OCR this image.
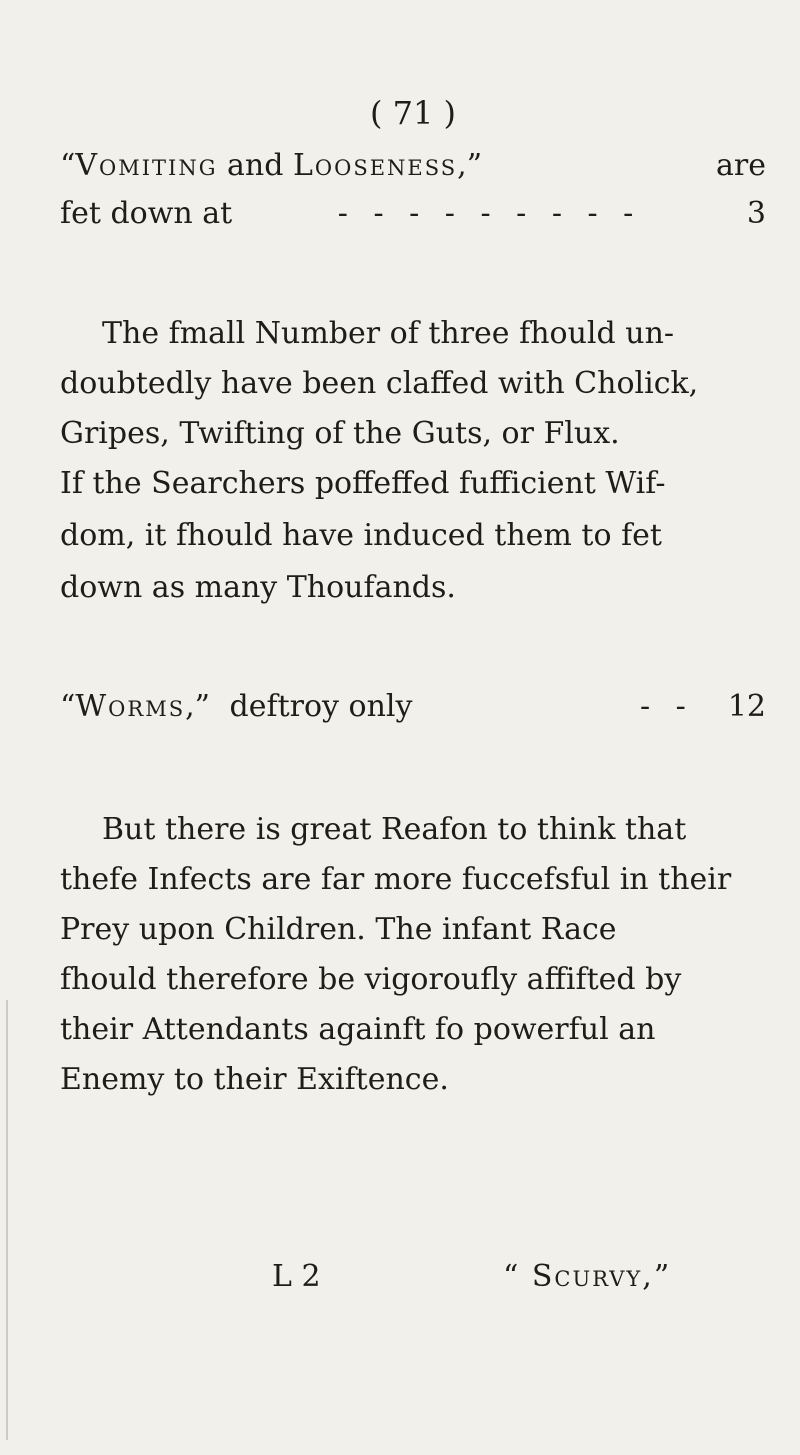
( 71 )
“Vomiting and Looseness,”	are
fet down at	- - - - - - - - -	3
The fmall Number of three fhould un-
doubtedly have been claffed with Cholick,
Gripes, Twifting of the Guts, or Flux.
If the Searchers poffeffed fufficient Wif-
dom, it fhould have induced them to fet
down as many Thoufands.
“Worms,” deftroy only	- - 12
But there is great Reafon to think that
thefe Infects are far more fuccefsful in their
Prey upon Children. The infant Race
fhould therefore be vigoroufly affifted by
their Attendants againft fo powerful an
Enemy to their Exiftence.
L 2	“ Scurvy,”
